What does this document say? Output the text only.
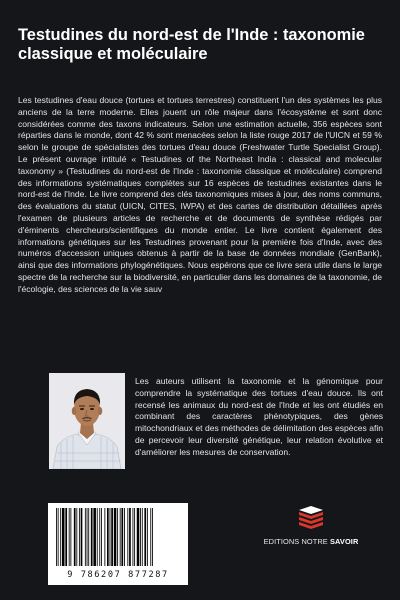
Testudines du nord-est de l'Inde : taxonomie classique et moléculaire

Les testudines d'eau douce (tortues et tortues terrestres) constituent l'un des systèmes les plus anciens de la terre moderne. Elles jouent un rôle majeur dans l'écosystème et sont donc considérées comme des taxons indicateurs. Selon une estimation actuelle, 356 espèces sont réparties dans le monde, dont 42 % sont menacées selon la liste rouge 2017 de l'UICN et 59 % selon le groupe de spécialistes des tortues d'eau douce (Freshwater Turtle Specialist Group). Le présent ouvrage intitulé « Testudines of the Northeast India : classical and molecular taxonomy » (Testudines du nord-est de l'Inde : taxonomie classique et moléculaire) comprend des informations systématiques complètes sur 16 espèces de testudines existantes dans le nord-est de l'Inde. Le livre comprend des clés taxonomiques mises à jour, des noms communs, des évaluations du statut (UICN, CITES, IWPA) et des cartes de distribution détaillées après l'examen de plusieurs articles de recherche et de documents de synthèse rédigés par d'éminents chercheurs/scientifiques du monde entier. Le livre contient également des informations génétiques sur les Testudines provenant pour la première fois d'Inde, avec des numéros d'accession uniques obtenus à partir de la base de données mondiale (GenBank), ainsi que des informations phylogénétiques. Nous espérons que ce livre sera utile dans le large spectre de la recherche sur la biodiversité, en particulier dans les domaines de la taxonomie, de l'écologie, des sciences de la vie sauv

Les auteurs utilisent la taxonomie et la génomique pour comprendre la systématique des tortues d'eau douce. Ils ont recensé les animaux du nord-est de l'Inde et les ont étudiés en combinant des caractères phénotypiques, des gènes mitochondriaux et des méthodes de délimitation des espèces afin de percevoir leur diversité génétique, leur relation évolutive et d'améliorer les mesures de conservation.

EDITIONS NOTRE SAVOIR
9 786207 877287
